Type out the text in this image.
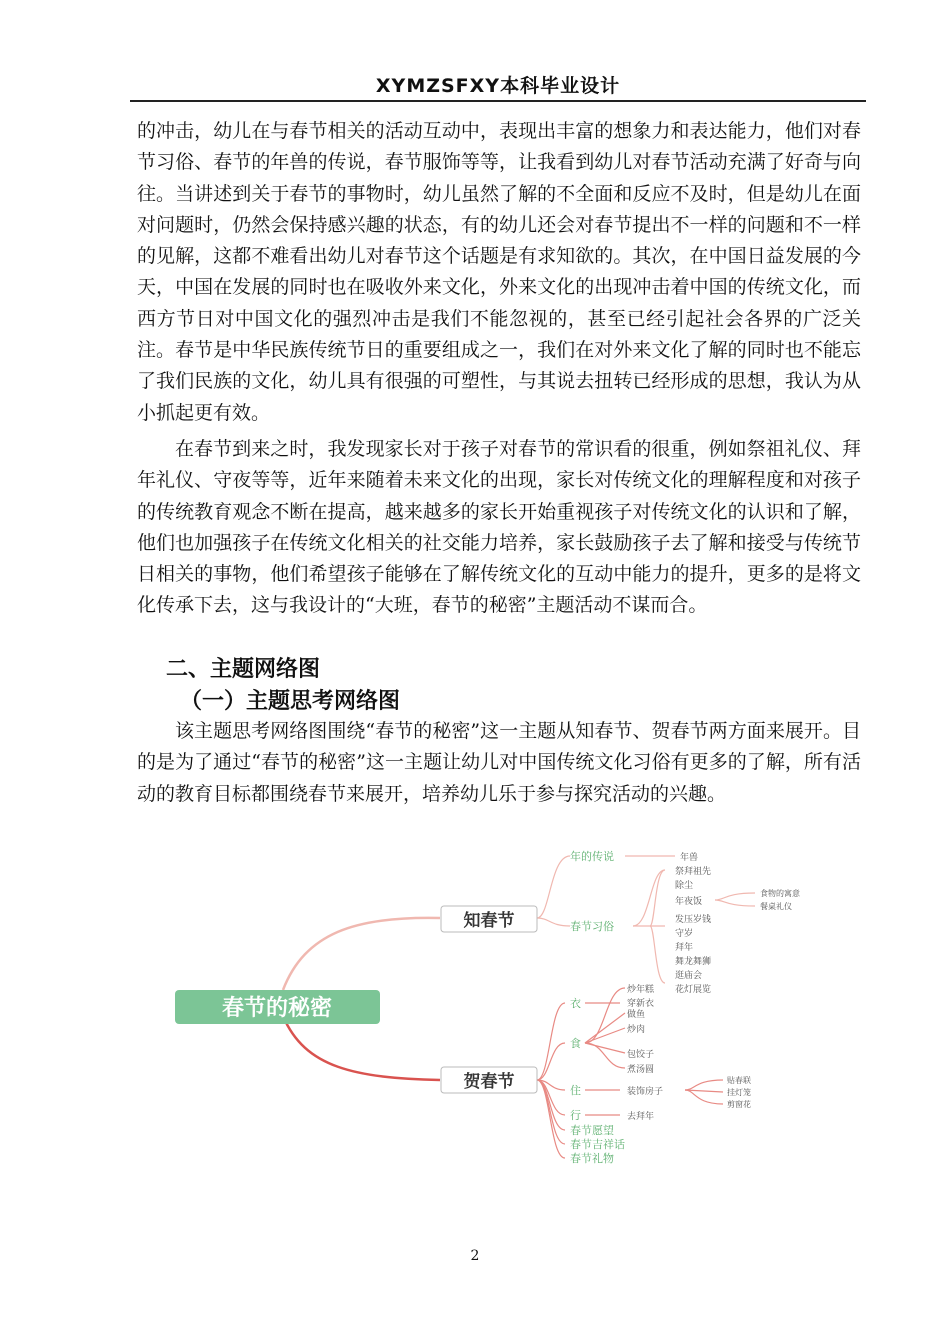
XYMZSFXY本科毕业设计

的冲击，幼儿在与春节相关的活动互动中，表现出丰富的想象力和表达能力，他们对春节习俗、春节的年兽的传说，春节服饰等等，让我看到幼儿对春节活动充满了好奇与向往。当讲述到关于春节的事物时，幼儿虽然了解的不全面和反应不及时，但是幼儿在面对问题时，仍然会保持感兴趣的状态，有的幼儿还会对春节提出不一样的问题和不一样的见解，这都不难看出幼儿对春节这个话题是有求知欲的。其次，在中国日益发展的今天，中国在发展的同时也在吸收外来文化，外来文化的出现冲击着中国的传统文化，而西方节日对中国文化的强烈冲击是我们不能忽视的，甚至已经引起社会各界的广泛关注。春节是中华民族传统节日的重要组成之一，我们在对外来文化了解的同时也不能忘了我们民族的文化，幼儿具有很强的可塑性，与其说去扭转已经形成的思想，我认为从小抓起更有效。

在春节到来之时，我发现家长对于孩子对春节的常识看的很重，例如祭祖礼仪、拜年礼仪、守夜等等，近年来随着未来文化的出现，家长对传统文化的理解程度和对孩子的传统教育观念不断在提高，越来越多的家长开始重视孩子对传统文化的认识和了解，他们也加强孩子在传统文化相关的社交能力培养，家长鼓励孩子去了解和接受与传统节日相关的事物，他们希望孩子能够在了解传统文化的互动中能力的提升，更多的是将文化传承下去，这与我设计的“大班，春节的秘密”主题活动不谋而合。

二、主题网络图
（一）主题思考网络图

该主题思考网络图围绕“春节的秘密”这一主题从知春节、贺春节两方面来展开。目的是为了通过“春节的秘密”这一主题让幼儿对中国传统文化习俗有更多的了解，所有活动的教育目标都围绕春节来展开，培养幼儿乐于参与探究活动的兴趣。

春节的秘密
知春节
年的传说	年兽
春节习俗
祭拜祖先
除尘
年夜饭
发压岁钱
守岁
拜年
舞龙舞狮
逛庙会
花灯展览
食物的寓意
餐桌礼仪
贺春节
衣
食
住
行
春节愿望
春节吉祥话
春节礼物
穿新衣
炒年糕
做鱼
炒肉
包饺子
煮汤圆
装饰房子
去拜年
贴春联
挂灯笼
剪窗花
2
